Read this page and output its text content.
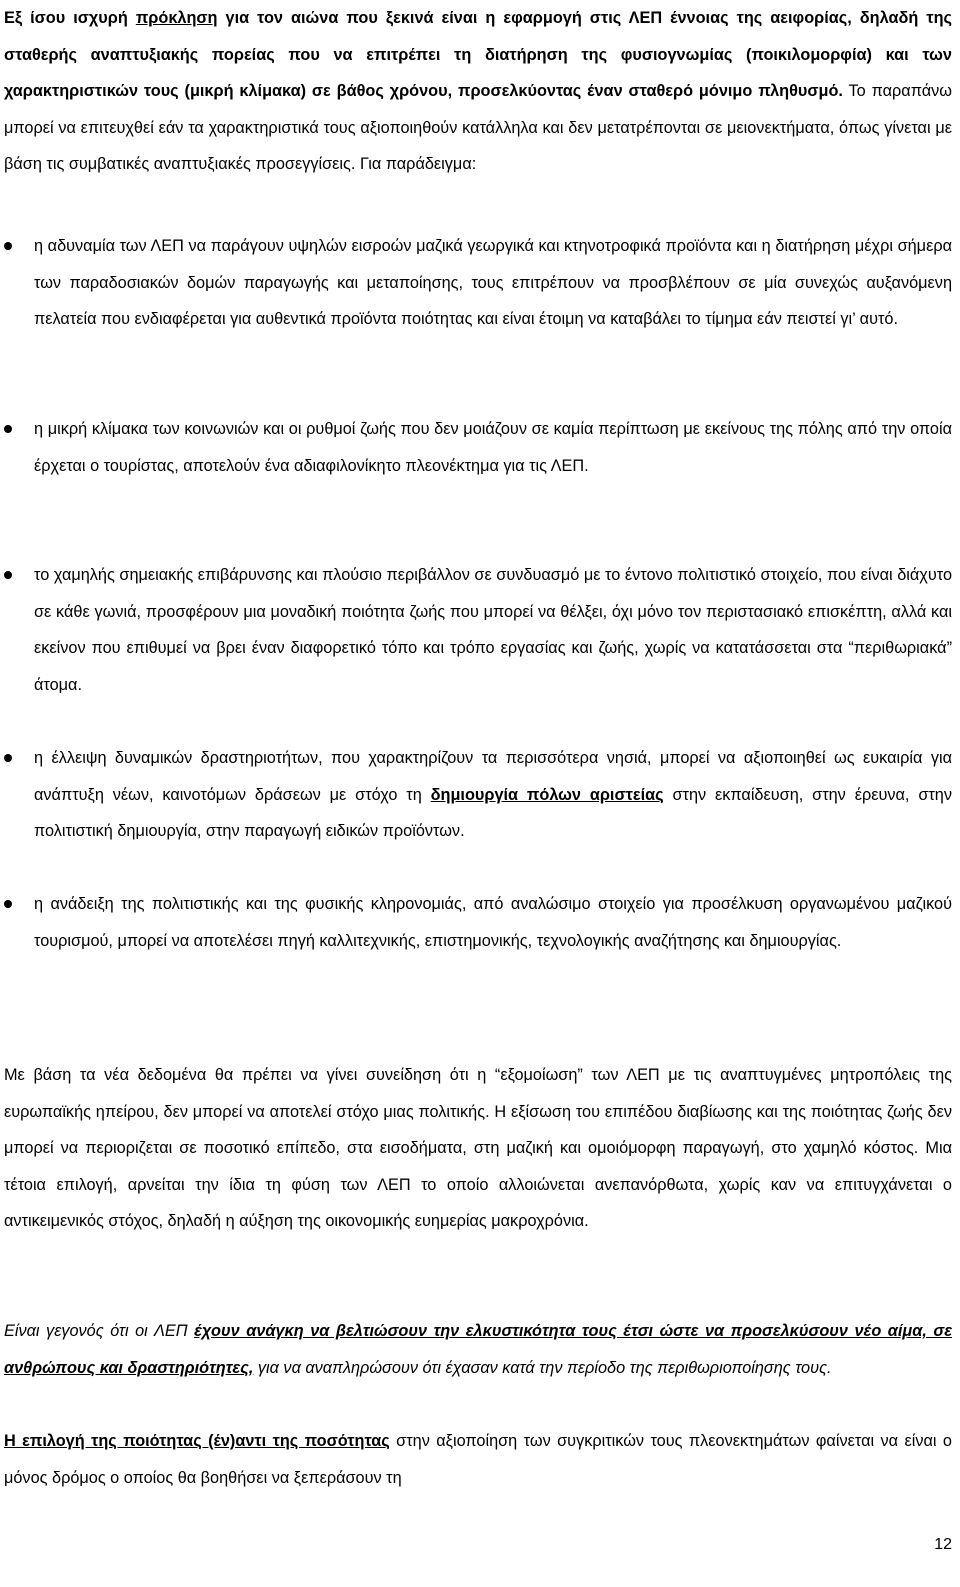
Εξ ίσου ισχυρή πρόκληση για τον αιώνα που ξεκινά είναι η εφαρμογή στις ΛΕΠ έννοιας της αειφορίας, δηλαδή της σταθερής αναπτυξιακής πορείας που να επιτρέπει τη διατήρηση της φυσιογνωμίας (ποικιλομορφία) και των χαρακτηριστικών τους (μικρή κλίμακα) σε βάθος χρόνου, προσελκύοντας έναν σταθερό μόνιμο πληθυσμό. Το παραπάνω μπορεί να επιτευχθεί εάν τα χαρακτηριστικά τους αξιοποιηθούν κατάλληλα και δεν μετατρέπονται σε μειονεκτήματα, όπως γίνεται με βάση τις συμβατικές αναπτυξιακές προσεγγίσεις. Για παράδειγμα:

η αδυναμία των ΛΕΠ να παράγουν υψηλών εισροών μαζικά γεωργικά και κτηνοτροφικά προϊόντα και η διατήρηση μέχρι σήμερα των παραδοσιακών δομών παραγωγής και μεταποίησης, τους επιτρέπουν να προσβλέπουν σε μία συνεχώς αυξανόμενη πελατεία που ενδιαφέρεται για αυθεντικά προϊόντα ποιότητας και είναι έτοιμη να καταβάλει το τίμημα εάν πειστεί γι’ αυτό.

η μικρή κλίμακα των κοινωνιών και οι ρυθμοί ζωής που δεν μοιάζουν σε καμία περίπτωση με εκείνους της πόλης από την οποία έρχεται ο τουρίστας, αποτελούν ένα αδιαφιλονίκητο πλεονέκτημα για τις ΛΕΠ.

το χαμηλής σημειακής επιβάρυνσης και πλούσιο περιβάλλον σε συνδυασμό με το έντονο πολιτιστικό στοιχείο, που είναι διάχυτο σε κάθε γωνιά, προσφέρουν μια μοναδική ποιότητα ζωής που μπορεί να θέλξει, όχι μόνο τον περιστασιακό επισκέπτη, αλλά και εκείνον που επιθυμεί να βρει έναν διαφορετικό τόπο και τρόπο εργασίας και ζωής, χωρίς να κατατάσσεται στα “περιθωριακά” άτομα.

η έλλειψη δυναμικών δραστηριοτήτων, που χαρακτηρίζουν τα περισσότερα νησιά, μπορεί να αξιοποιηθεί ως ευκαιρία για ανάπτυξη νέων, καινοτόμων δράσεων με στόχο τη δημιουργία πόλων αριστείας στην εκπαίδευση, στην έρευνα, στην πολιτιστική δημιουργία, στην παραγωγή ειδικών προϊόντων.

η ανάδειξη της πολιτιστικής και της φυσικής κληρονομιάς, από αναλώσιμο στοιχείο για προσέλκυση οργανωμένου μαζικού τουρισμού, μπορεί να αποτελέσει πηγή καλλιτεχνικής, επιστημονικής, τεχνολογικής αναζήτησης και δημιουργίας.

Με βάση τα νέα δεδομένα θα πρέπει να γίνει συνείδηση ότι η “εξομοίωση” των ΛΕΠ με τις αναπτυγμένες μητροπόλεις της ευρωπαϊκής ηπείρου, δεν μπορεί να αποτελεί στόχο μιας πολιτικής. Η εξίσωση του επιπέδου διαβίωσης και της ποιότητας ζωής δεν μπορεί να περιοριζεται σε ποσοτικό επίπεδο, στα εισοδήματα, στη μαζική και ομοιόμορφη παραγωγή, στο χαμηλό κόστος. Μια τέτοια επιλογή, αρνείται την ίδια τη φύση των ΛΕΠ το οποίο αλλοιώνεται ανεπανόρθωτα, χωρίς καν να επιτυγχάνεται ο αντικειμενικός στόχος, δηλαδή η αύξηση της οικονομικής ευημερίας μακροχρόνια.

Είναι γεγονός ότι οι ΛΕΠ έχουν ανάγκη να βελτιώσουν την ελκυστικότητα τους έτσι ώστε να προσελκύσουν νέο αίμα, σε ανθρώπους και δραστηριότητες, για να αναπληρώσουν ότι έχασαν κατά την περίοδο της περιθωριοποίησης τους.

Η επιλογή της ποιότητας (έν)αντι της ποσότητας στην αξιοποίηση των συγκριτικών τους πλεονεκτημάτων φαίνεται να είναι ο μόνος δρόμος ο οποίος θα βοηθήσει να ξεπεράσουν τη

12
